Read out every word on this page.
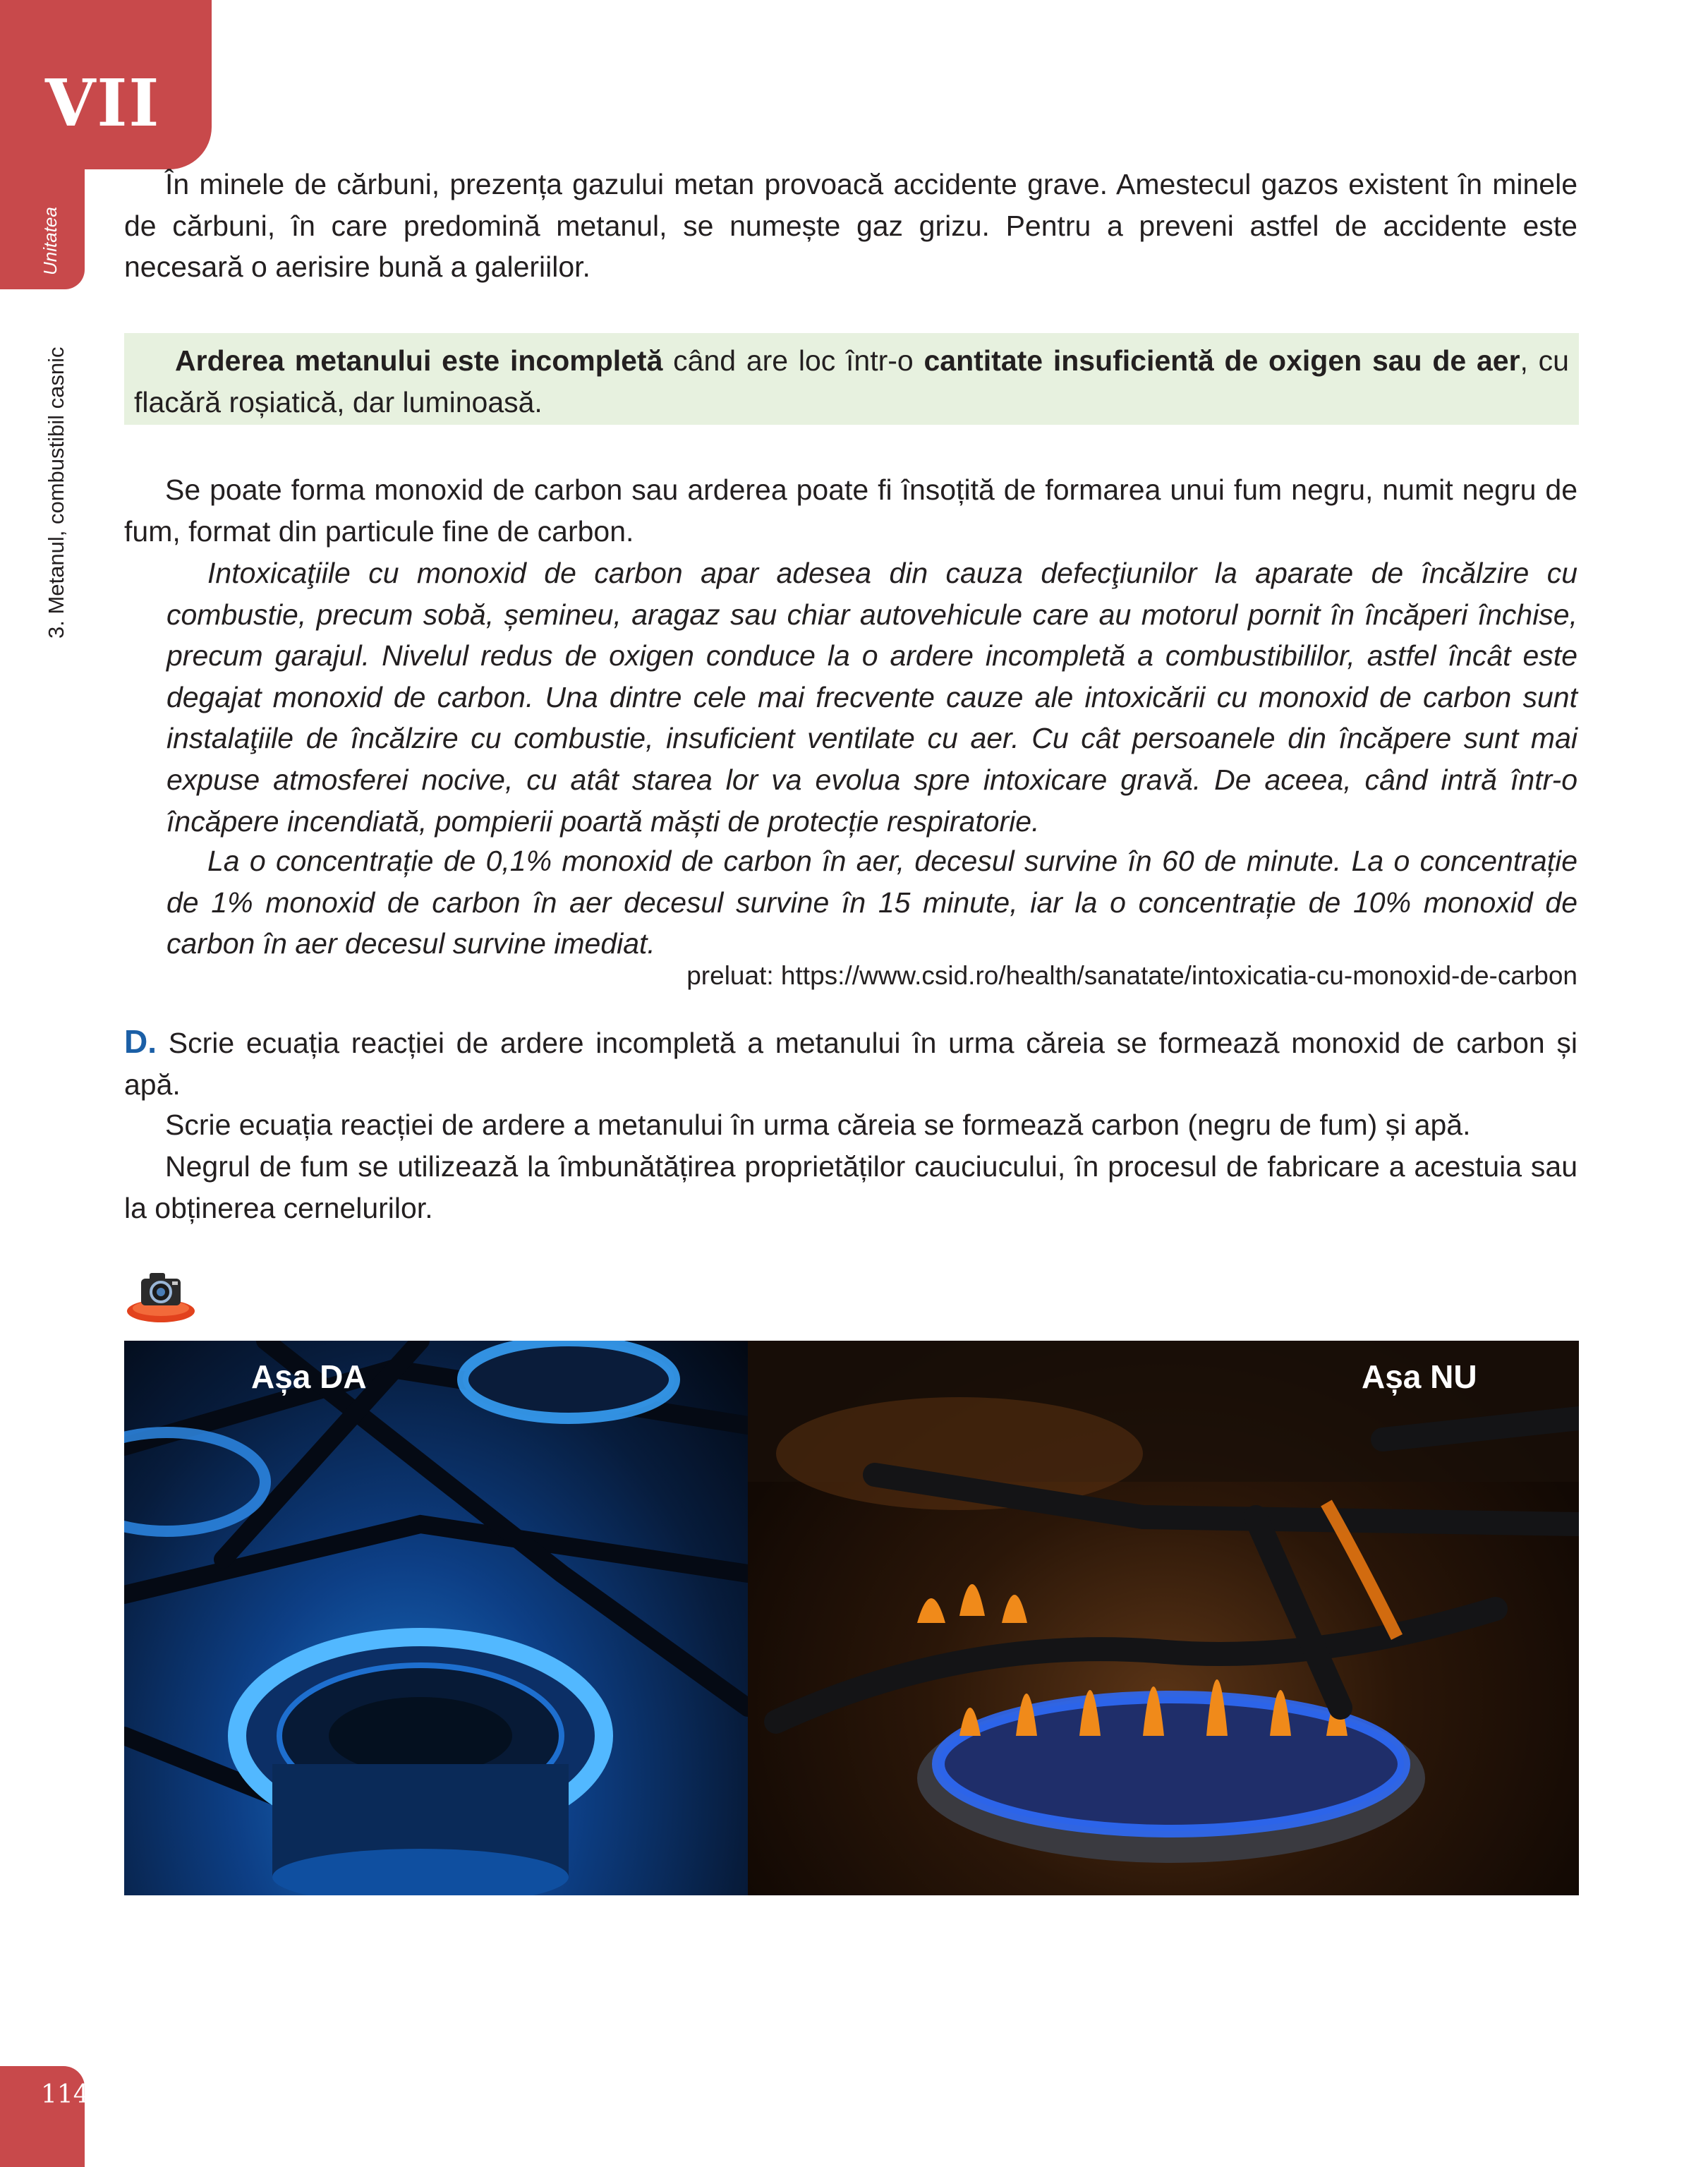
VII
Unitatea
3. Metanul, combustibil casnic

În minele de cărbuni, prezența gazului metan provoacă accidente grave. Amestecul gazos existent în minele de cărbuni, în care predomină metanul, se numește gaz grizu. Pentru a preveni astfel de accidente este necesară o aerisire bună a galeriilor.

Arderea metanului este incompletă când are loc într-o cantitate insuficientă de oxigen sau de aer, cu flacără roșiatică, dar luminoasă.

Se poate forma monoxid de carbon sau arderea poate fi însoțită de formarea unui fum negru, numit negru de fum, format din particule fine de carbon.

Intoxicaţiile cu monoxid de carbon apar adesea din cauza defecţiunilor la aparate de încălzire cu combustie, precum sobă, șemineu, aragaz sau chiar autovehicule care au motorul pornit în încăperi închise, precum garajul. Nivelul redus de oxigen conduce la o ardere incompletă a combustibililor, astfel încât este degajat monoxid de carbon. Una dintre cele mai frecvente cauze ale intoxicării cu monoxid de carbon sunt instalaţiile de încălzire cu combustie, insuficient ventilate cu aer. Cu cât persoanele din încăpere sunt mai expuse atmosferei nocive, cu atât starea lor va evolua spre intoxicare gravă. De aceea, când intră într-o încăpere incendiată, pompierii poartă măști de protecție respiratorie.

La o concentrație de 0,1% monoxid de carbon în aer, decesul survine în 60 de minute. La o concentrație de 1% monoxid de carbon în aer decesul survine în 15 minute, iar la o concentrație de 10% monoxid de carbon în aer decesul survine imediat.

preluat: https://www.csid.ro/health/sanatate/intoxicatia-cu-monoxid-de-carbon

D. Scrie ecuația reacției de ardere incompletă a metanului în urma căreia se formează monoxid de carbon și apă.

Scrie ecuația reacției de ardere a metanului în urma căreia se formează carbon (negru de fum) și apă.

Negrul de fum se utilizează la îmbunătățirea proprietăților cauciucului, în procesul de fabricare a acestuia sau la obținerea cernelurilor.

Așa DA	Așa NU
114
